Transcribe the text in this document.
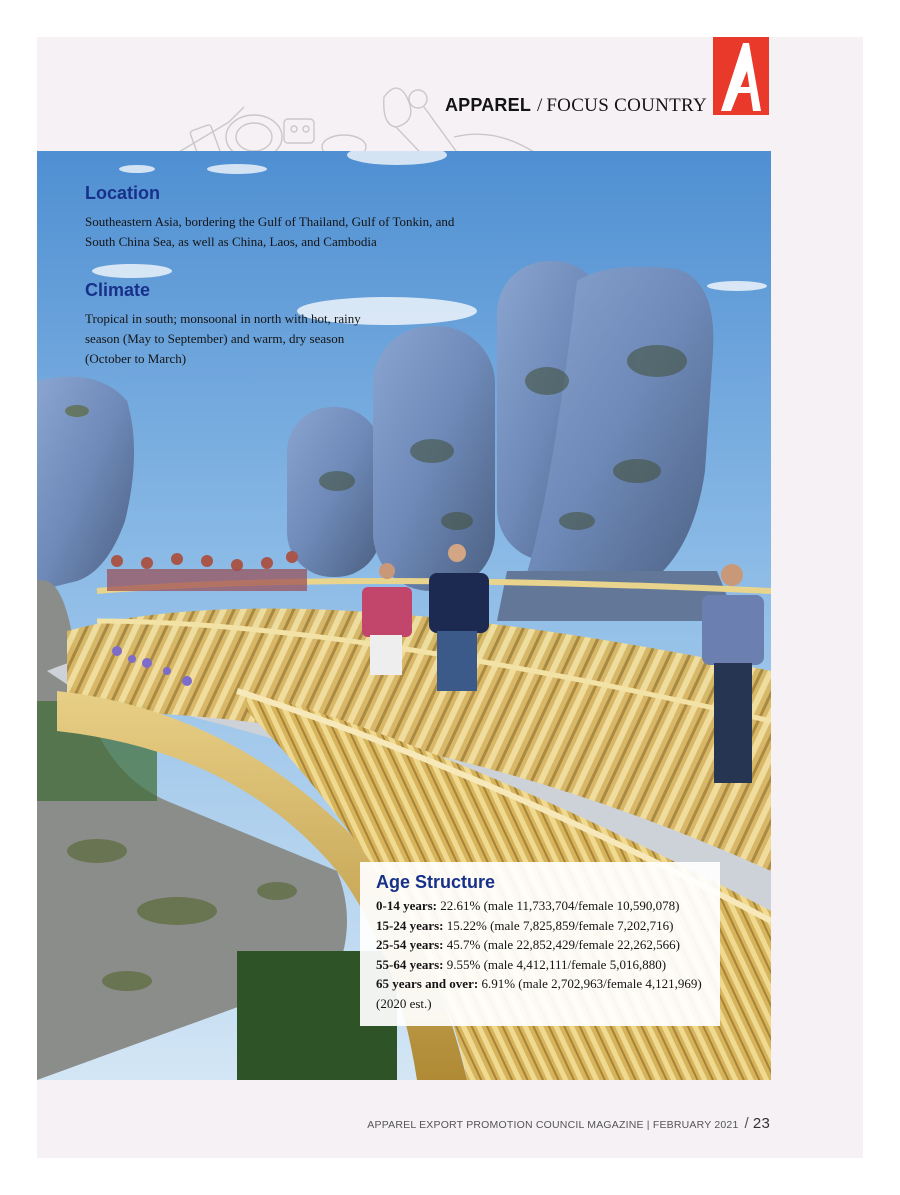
APPAREL / FOCUS COUNTRY
Location
Southeastern Asia, bordering the Gulf of Thailand, Gulf of Tonkin, and South China Sea, as well as China, Laos, and Cambodia
Climate
Tropical in south; monsoonal in north with hot, rainy season (May to September) and warm, dry season (October to March)
Age Structure
0-14 years: 22.61% (male 11,733,704/female 10,590,078)
15-24 years: 15.22% (male 7,825,859/female 7,202,716)
25-54 years: 45.7% (male 22,852,429/female 22,262,566)
55-64 years: 9.55% (male 4,412,111/female 5,016,880)
65 years and over: 6.91% (male 2,702,963/female 4,121,969) (2020 est.)
APPAREL EXPORT PROMOTION COUNCIL MAGAZINE | FEBRUARY 2021 / 23
